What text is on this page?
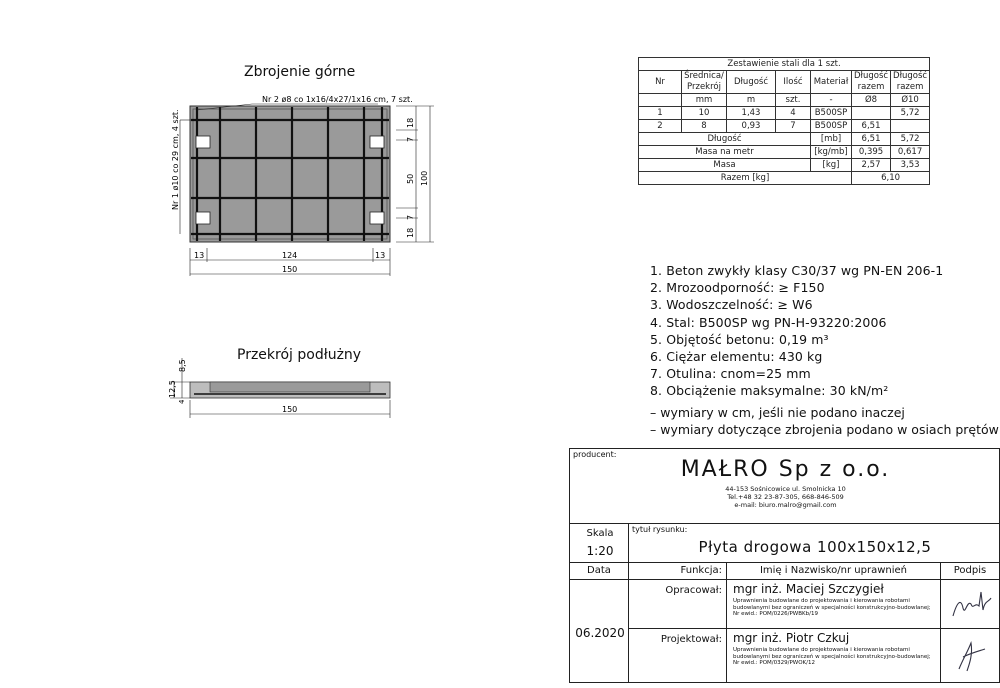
Zbrojenie górne
Nr 2 ø8 co 1x16/4x27/1x16 cm, 7 szt.
Nr 1 ø10 co 29 cm, 4 szt.
13	124	13
150
18
7
50
7
18
100
Przekrój podłużny
8,5
12,5
4
150
Zestawienie stali dla 1 szt.						
Nr	Średnica/ Przekrój	Długość	Ilość	Materiał	Długość razem	Długość razem

	mm	m	szt.	-	Ø8	Ø10
1	10	1,43	4	B500SP		5,72
2	8	0,93	7	B500SP	6,51	
Długość				[mb]	6,51	5,72
Masa na metr				[kg/mb]	0,395	0,617
Masa				[kg]	2,57	3,53
Razem [kg]					6,10	
1. Beton zwykły klasy C30/37 wg PN-EN 206-1
2. Mrozoodporność: ≥ F150
3. Wodoszczelność: ≥ W6
4. Stal: B500SP wg PN-H-93220:2006
5. Objętość betonu: 0,19 m³
6. Ciężar elementu: 430 kg
7. Otulina: cnom=25 mm
8. Obciążenie maksymalne: 30 kN/m²
– wymiary w cm, jeśli nie podano inaczej
– wymiary dotyczące zbrojenia podano w osiach prętów
producent:
MAŁRO Sp z o.o.
44-153 Sośnicowice ul. Smolnicka 10
Tel.+48 32 23-87-305, 668-846-509
e-mail: biuro.malro@gmail.com
Skala
1:20
tytuł rysunku:
Płyta drogowa 100x150x12,5
Data	Funkcja:	Imię i Nazwisko/nr uprawnień	Podpis
06.2020
Opracował: mgr inż. Maciej Szczygieł
Uprawnienia budowlane do projektowania i kierowania robotami
budowlanymi bez ograniczeń w specjalności konstrukcyjno-budowlanej;
Nr ewid.: POM/0226/PWBKb/19
Projektował: mgr inż. Piotr Czkuj
Uprawnienia budowlane do projektowania i kierowania robotami
budowlanymi bez ograniczeń w specjalności konstrukcyjno-budowlanej;
Nr ewid.: POM/0329/PWOK/12
